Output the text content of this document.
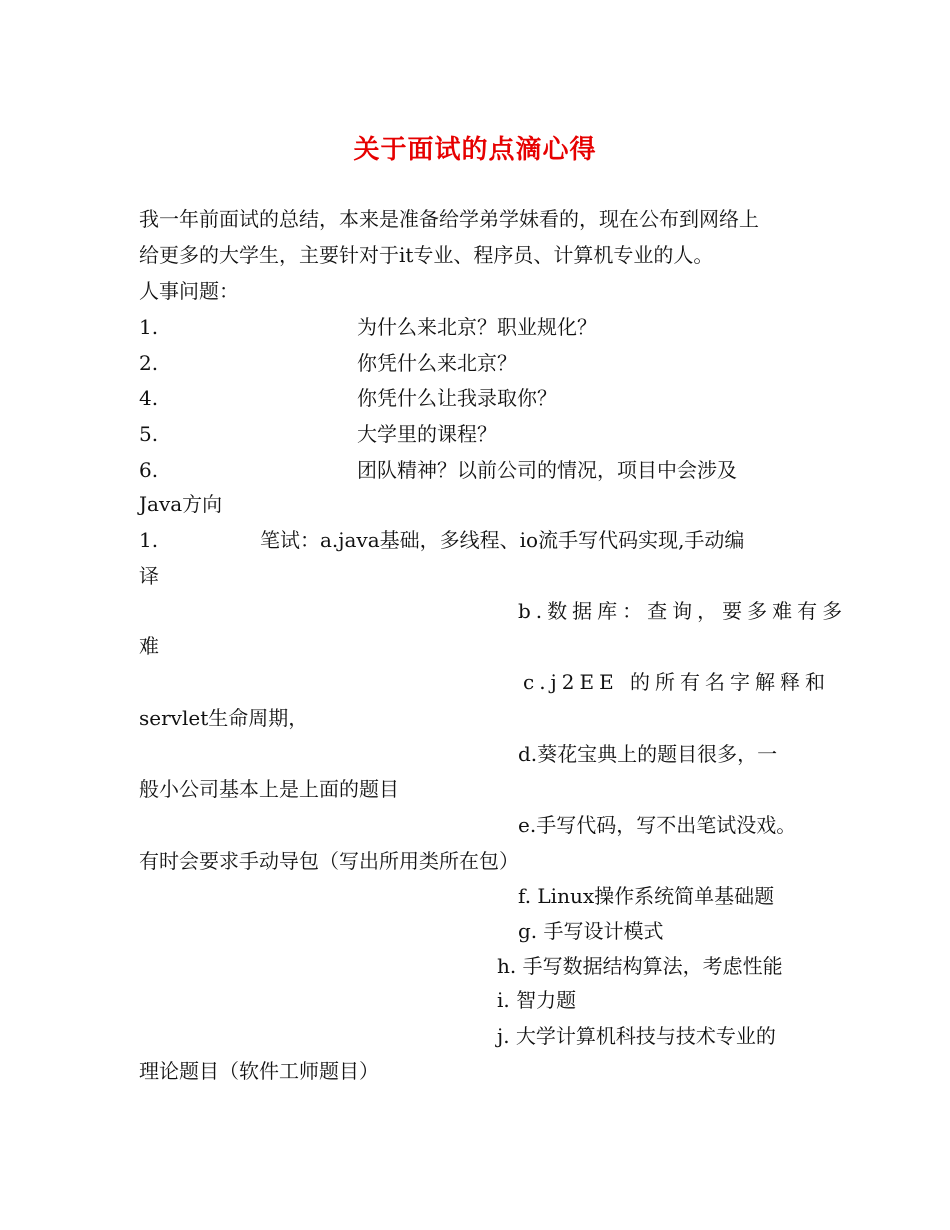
关于面试的点滴心得
我一年前面试的总结，本来是准备给学弟学妹看的，现在公布到网络上
给更多的大学生，主要针对于it专业、程序员、计算机专业的人。
人事问题：
1.	为什么来北京？职业规化？
2.	你凭什么来北京？
4.	你凭什么让我录取你？
5.	大学里的课程？
6.	团队精神？以前公司的情况，项目中会涉及
Java方向
1.	笔试：a.java基础，多线程、io流手写代码实现,手动编
译
b.数据库：查询，要多难有多
难
c.j2EE 的所有名字解释和
servlet生命周期，
d.葵花宝典上的题目很多，一
般小公司基本上是上面的题目
e.手写代码，写不出笔试没戏。
有时会要求手动导包（写出所用类所在包）
f. Linux操作系统简单基础题
g. 手写设计模式
h. 手写数据结构算法，考虑性能
i. 智力题
j. 大学计算机科技与技术专业的
理论题目（软件工师题目）
